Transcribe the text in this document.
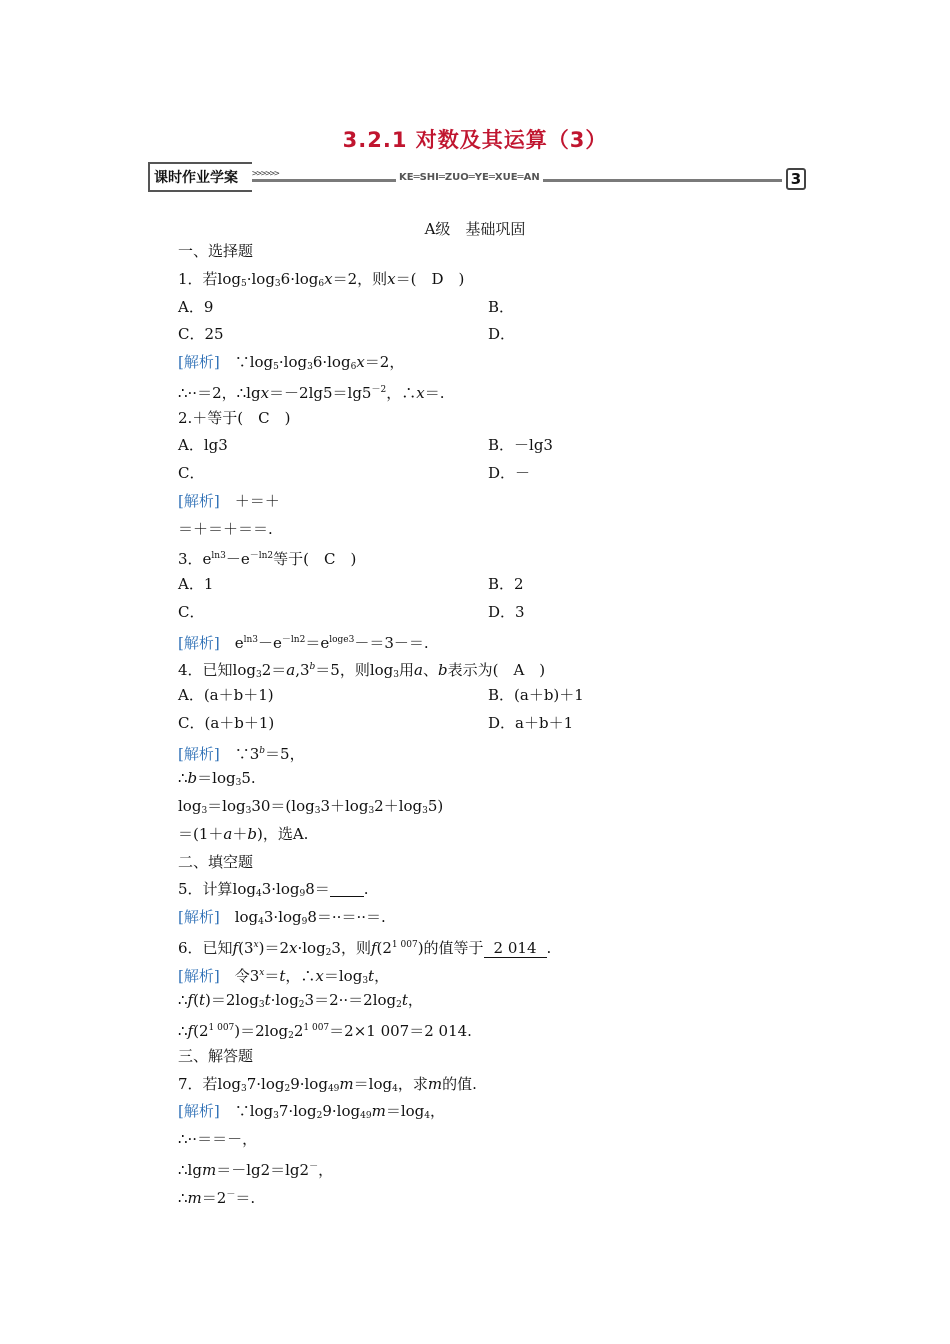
3.2.1 对数及其运算（3）
课时作业学案 >>>>>>	KE═SHI═ZUO═YE═XUE═AN	3
A级　基础巩固
一、选择题
1．若$\log_5\cdot\log_36\cdot\log_6x=2$，则x＝(　D　)
A．9	B．
C．25	D．
[解析]　$\because\log_5\cdot\log_36\cdot\log_6x=2$，
∴··＝2，$\therefore\lg x=-2\lg 5=\lg 5^{-2}$，∴x＝.
2.＋等于(　C　)
A．lg3	B．－lg3
C．	D．－
[解析]　 ＋＝＋
＝＋＝＋＝＝.
3．$e^{ln3}-e^{-ln2}$等于(　C　)
A．1	B．2
C．	D．3
[解析]　$e^{ln3}-e^{-ln2}=e^{loge3}-=3-=$.
4．已知$\log_32=a,3^b=5$，则$\log_3$用a、b表示为(　A　)
A．(a＋b＋1)	B．(a＋b)＋1
C．(a＋b＋1)	D．a＋b＋1
[解析]　$\because 3^b=5$，
$\therefore b=\log_35$.
$\log_3=\log_330=(\log_33+\log_32+\log_35)$
＝(1＋a＋b)，选A.
二、填空题
5．计算$\log_43\cdot\log_98=$ .
[解析]　$\log_43\cdot\log_98=\cdot\cdot=\cdot\cdot=$.
6．已知$f(3^x)=2x\cdot\log_23$，则$f(2^{1 007})$的值等于 2 014 .
[解析]　令$3^x=t$，$\therefore x=\log_3t$，
$\therefore f(t)=2\log_3t\cdot\log_23=2\cdot\cdot=2\log_2t$，
$\therefore f(2^{1 007})=2\log_22^{1 007}=2\times 1$ 007＝2 014.
三、解答题
7．若$\log_37\cdot\log_29\cdot\log_{49}m=\log_4$，求m的值.
[解析]　$\because\log_37\cdot\log_29\cdot\log_{49}m=\log_4$，
∴··＝＝－，
∴lgm＝－lg2＝lg2－，
∴m＝2－＝.
